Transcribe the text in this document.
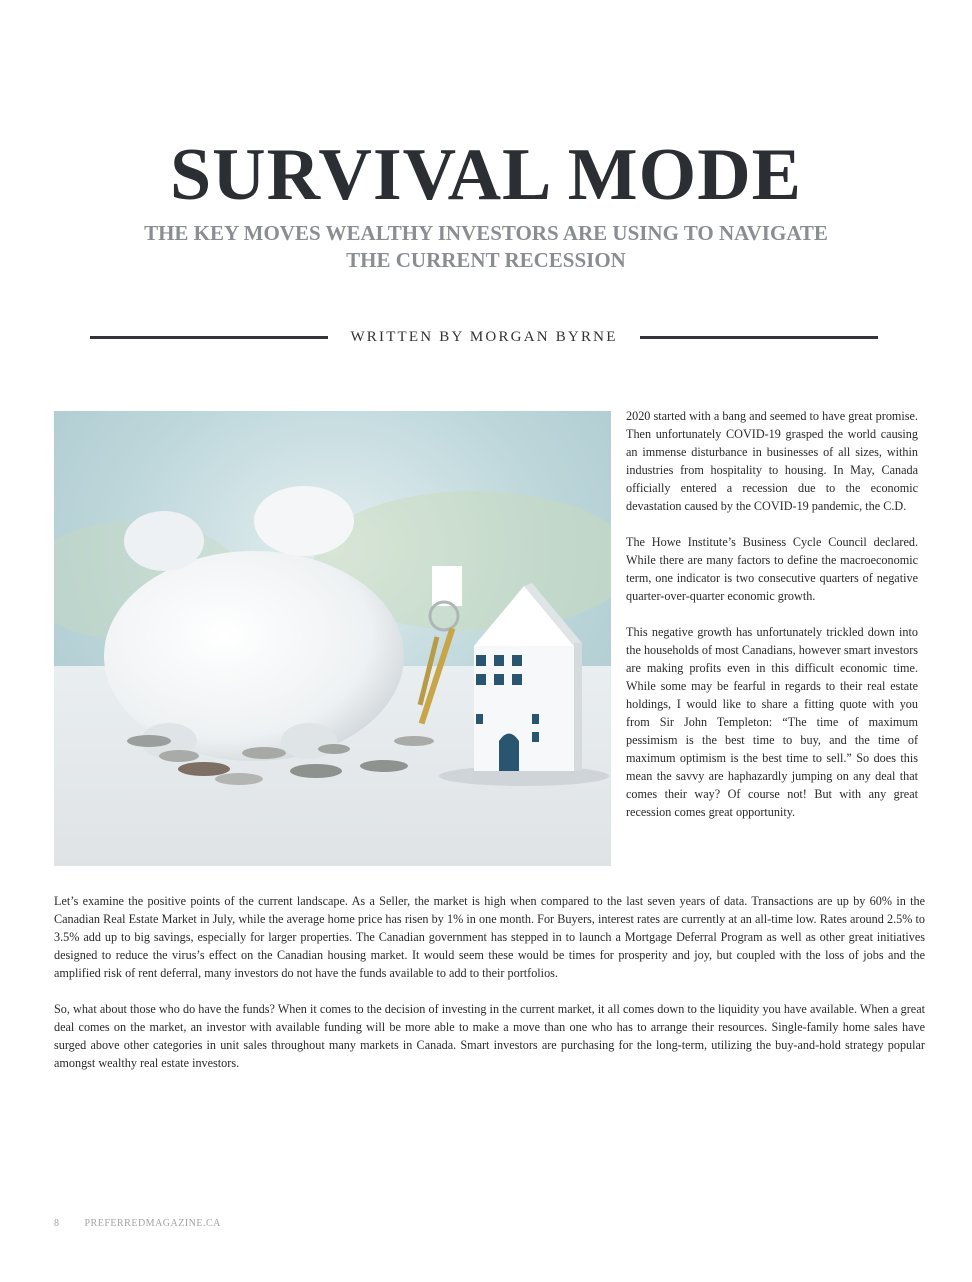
SURVIVAL MODE
THE KEY MOVES WEALTHY INVESTORS ARE USING TO NAVIGATE THE CURRENT RECESSION
WRITTEN BY MORGAN BYRNE

2020 started with a bang and seemed to have great promise. Then unfortunately COVID-19 grasped the world causing an immense disturbance in businesses of all sizes, within industries from hospitality to housing. In May, Canada officially entered a recession due to the economic devastation caused by the COVID-19 pandemic, the C.D.

The Howe Institute’s Business Cycle Council declared. While there are many factors to define the macroeconomic term, one indicator is two consecutive quarters of negative quarter-over-quarter economic growth.

This negative growth has unfortunately trickled down into the households of most Canadians, however smart investors are making profits even in this difficult economic time. While some may be fearful in regards to their real estate holdings, I would like to share a fitting quote with you from Sir John Templeton: “The time of maximum pessimism is the best time to buy, and the time of maximum optimism is the best time to sell.” So does this mean the savvy are haphazardly jumping on any deal that comes their way? Of course not! But with any great recession comes great opportunity.

Let’s examine the positive points of the current landscape. As a Seller, the market is high when compared to the last seven years of data. Transactions are up by 60% in the Canadian Real Estate Market in July, while the average home price has risen by 1% in one month. For Buyers, interest rates are currently at an all-time low. Rates around 2.5% to 3.5% add up to big savings, especially for larger properties. The Canadian government has stepped in to launch a Mortgage Deferral Program as well as other great initiatives designed to reduce the virus’s effect on the Canadian housing market. It would seem these would be times for prosperity and joy, but coupled with the loss of jobs and the amplified risk of rent deferral, many investors do not have the funds available to add to their portfolios.

So, what about those who do have the funds? When it comes to the decision of investing in the current market, it all comes down to the liquidity you have available. When a great deal comes on the market, an investor with available funding will be more able to make a move than one who has to arrange their resources. Single-family home sales have surged above other categories in unit sales throughout many markets in Canada. Smart investors are purchasing for the long-term, utilizing the buy-and-hold strategy popular amongst wealthy real estate investors.

8	PREFERREDMAGAZINE.CA
